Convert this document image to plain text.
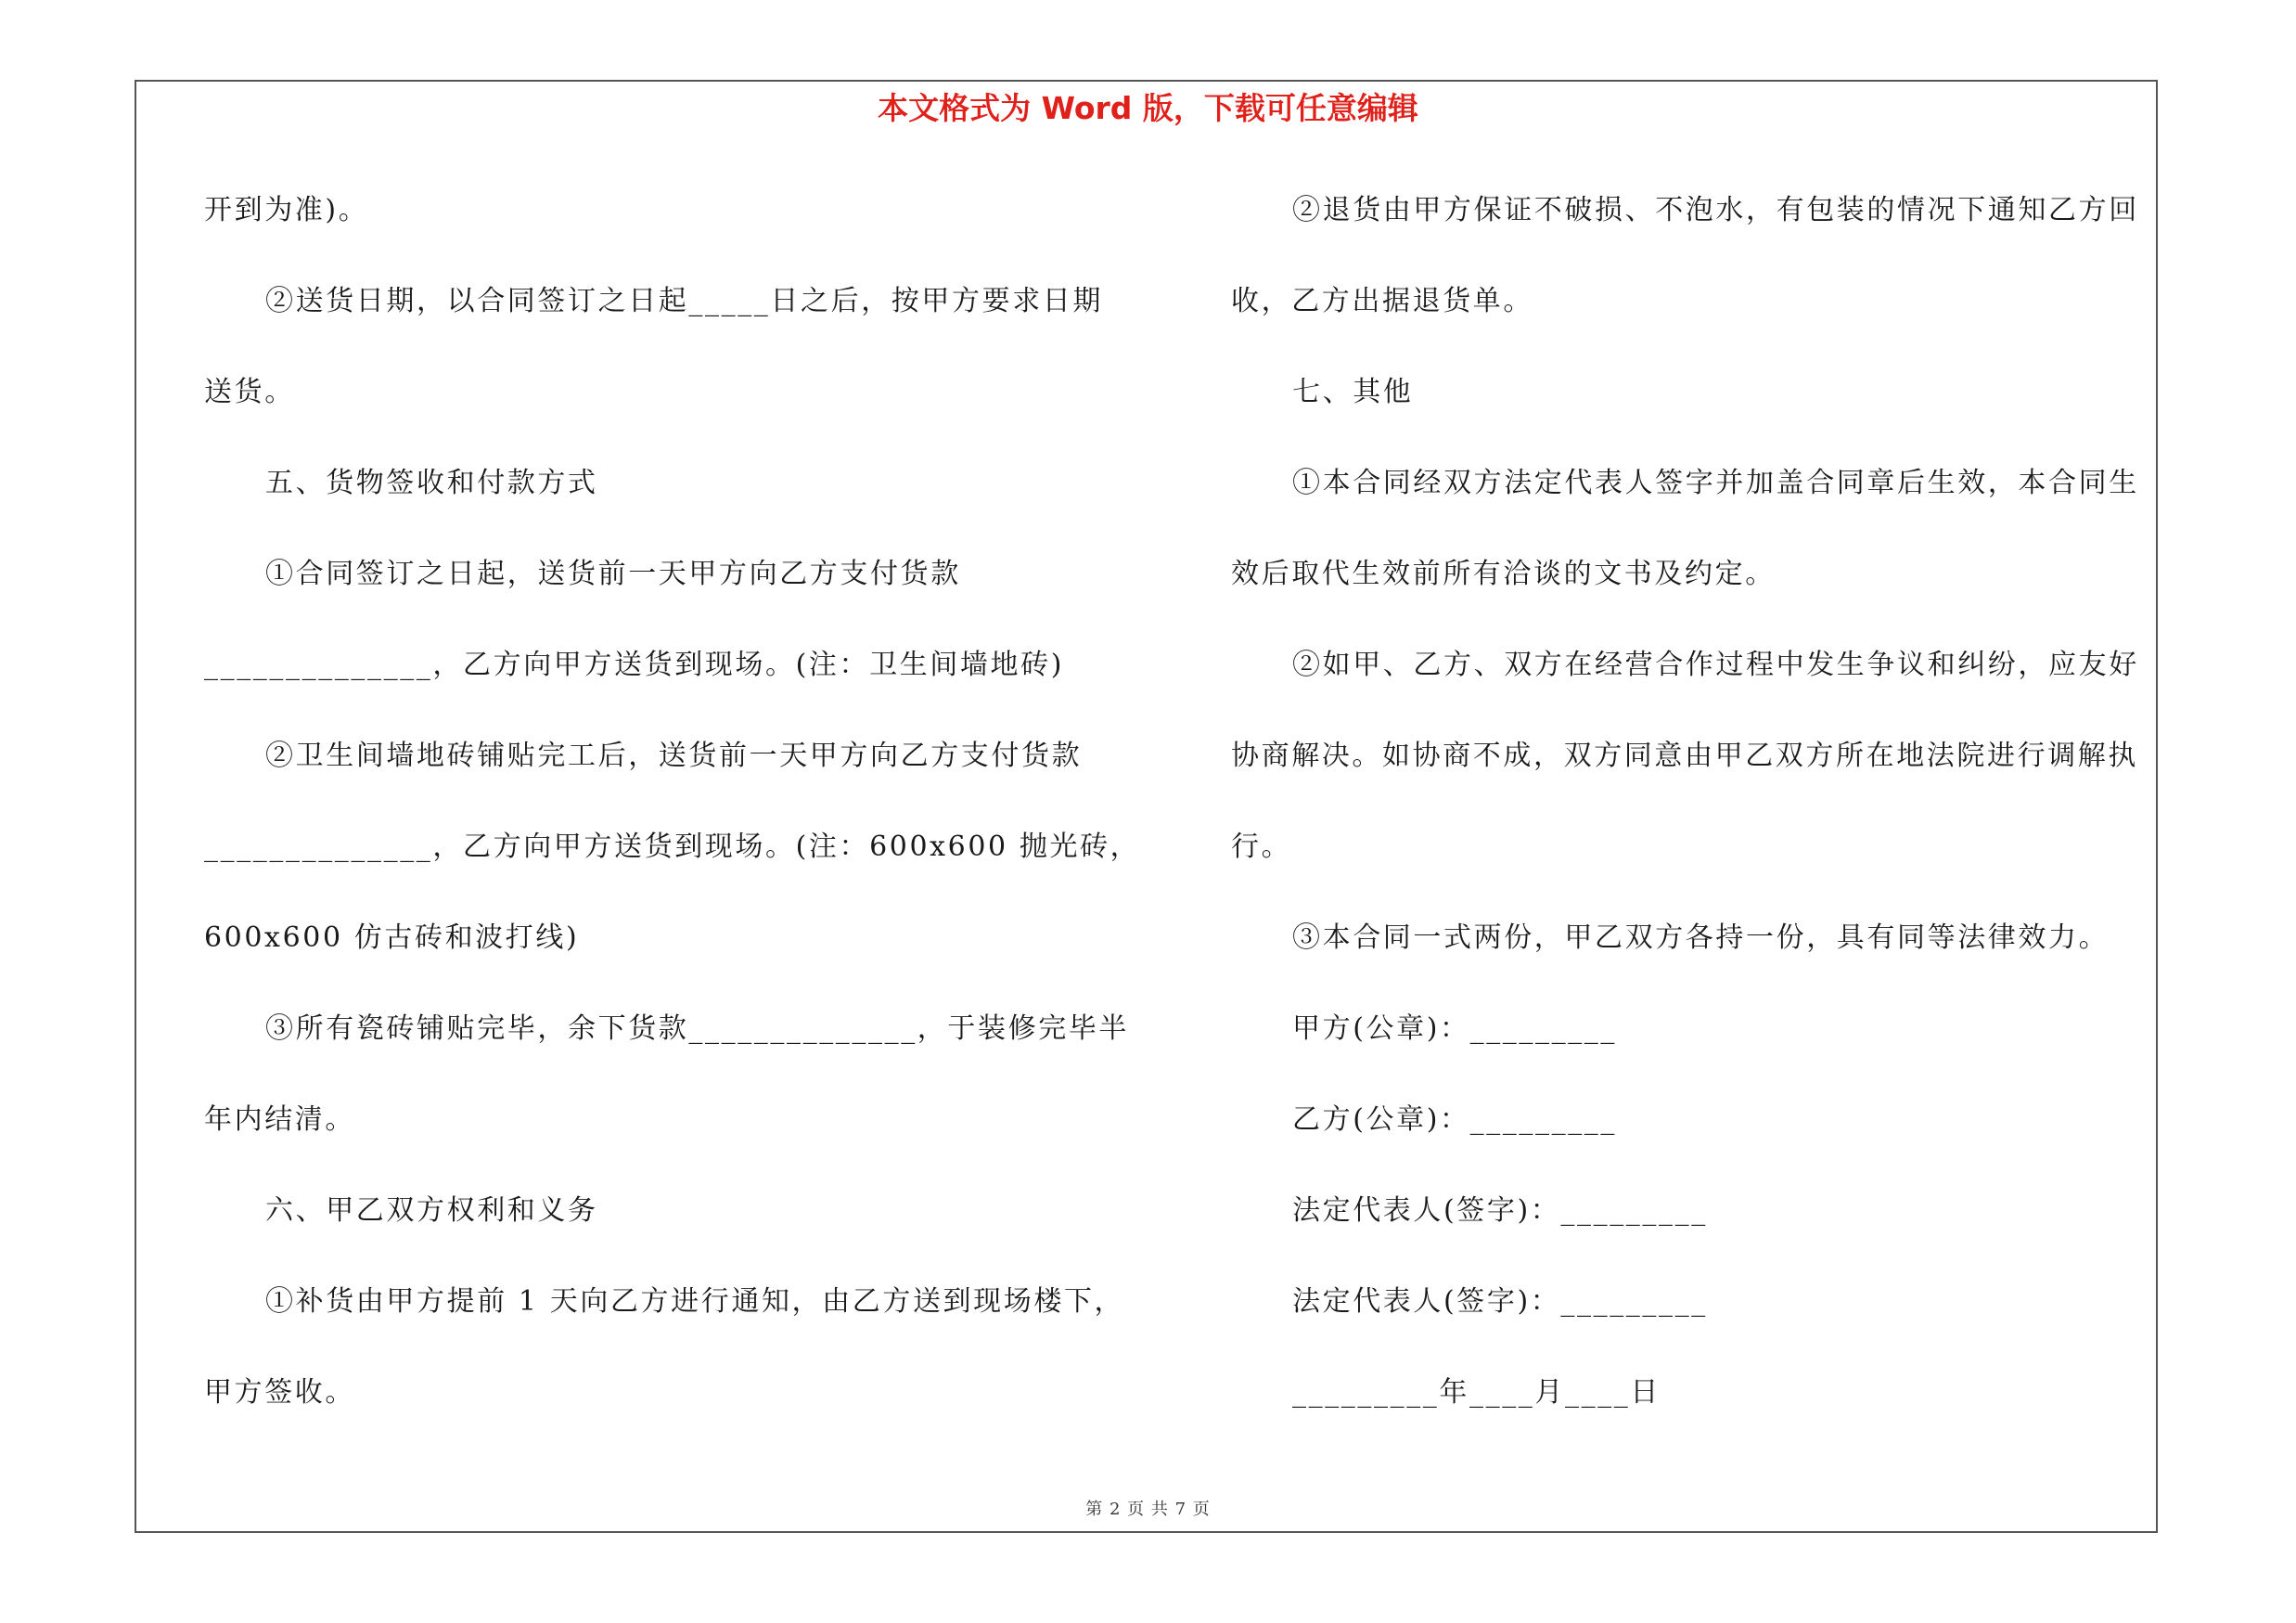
本文格式为 Word 版，下载可任意编辑
开到为准)。
②送货日期，以合同签订之日起_____日之后，按甲方要求日期
送货。
五、货物签收和付款方式
①合同签订之日起，送货前一天甲方向乙方支付货款
______________，乙方向甲方送货到现场。(注：卫生间墙地砖)
②卫生间墙地砖铺贴完工后，送货前一天甲方向乙方支付货款
______________，乙方向甲方送货到现场。(注：600x600 抛光砖，
600x600 仿古砖和波打线)
③所有瓷砖铺贴完毕，余下货款______________，于装修完毕半
年内结清。
六、甲乙双方权利和义务
①补货由甲方提前 1 天向乙方进行通知，由乙方送到现场楼下，
甲方签收。
②退货由甲方保证不破损、不泡水，有包装的情况下通知乙方回
收，乙方出据退货单。
七、其他
①本合同经双方法定代表人签字并加盖合同章后生效，本合同生
效后取代生效前所有洽谈的文书及约定。
②如甲、乙方、双方在经营合作过程中发生争议和纠纷，应友好
协商解决。如协商不成，双方同意由甲乙双方所在地法院进行调解执
行。
③本合同一式两份，甲乙双方各持一份，具有同等法律效力。
甲方(公章)：_________
乙方(公章)：_________
法定代表人(签字)：_________
法定代表人(签字)：_________
_________年____月____日
第 2 页 共 7 页
